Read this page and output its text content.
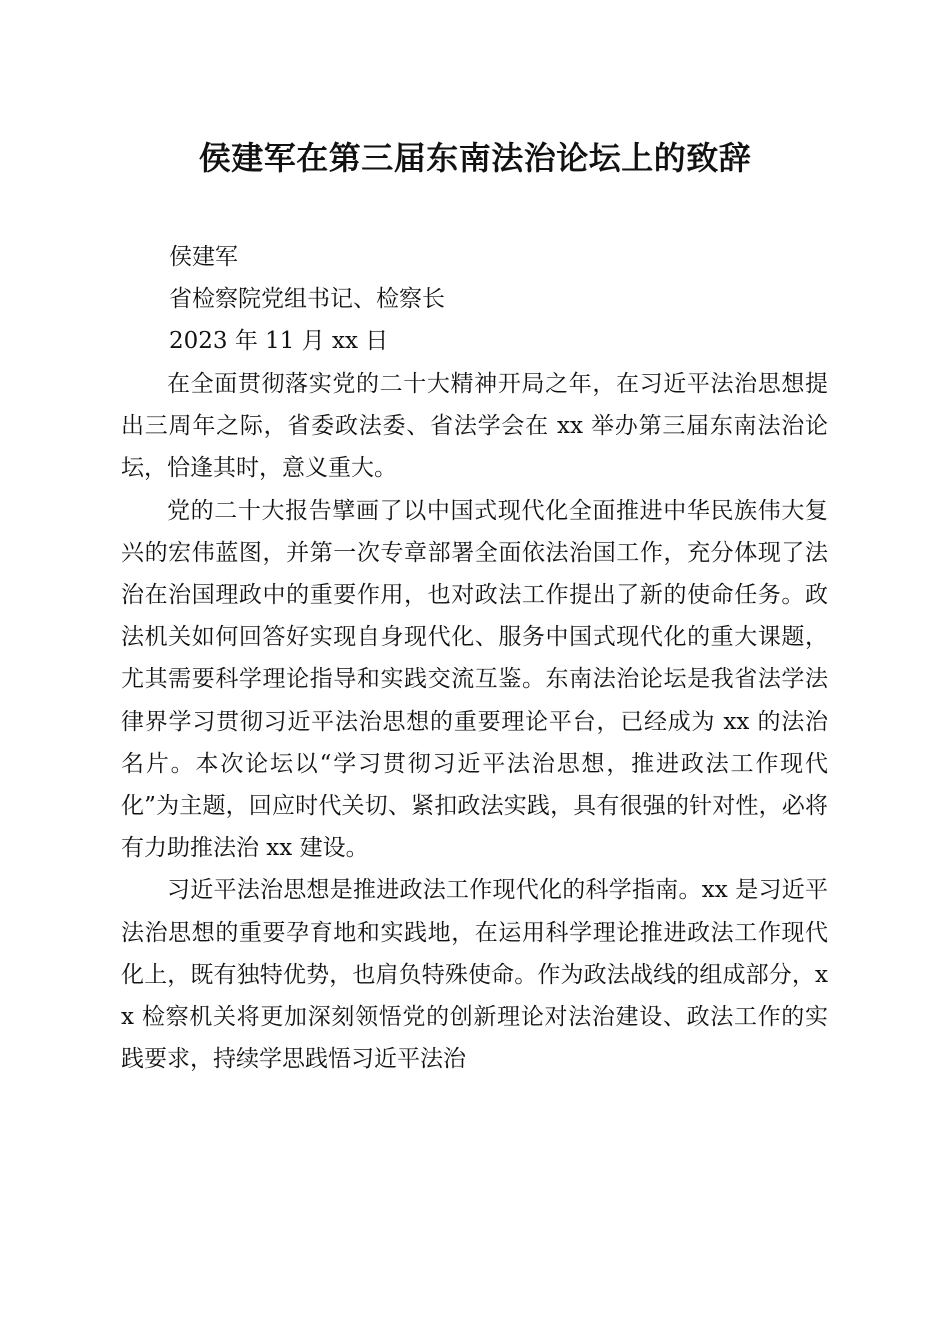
侯建军在第三届东南法治论坛上的致辞

侯建军

省检察院党组书记、检察长

2023 年 11 月 xx 日

在全面贯彻落实党的二十大精神开局之年，在习近平法治思想提出三周年之际，省委政法委、省法学会在 xx 举办第三届东南法治论坛，恰逢其时，意义重大。

党的二十大报告擘画了以中国式现代化全面推进中华民族伟大复兴的宏伟蓝图，并第一次专章部署全面依法治国工作，充分体现了法治在治国理政中的重要作用，也对政法工作提出了新的使命任务。政法机关如何回答好实现自身现代化、服务中国式现代化的重大课题，尤其需要科学理论指导和实践交流互鉴。东南法治论坛是我省法学法律界学习贯彻习近平法治思想的重要理论平台，已经成为 xx 的法治名片。本次论坛以“学习贯彻习近平法治思想，推进政法工作现代化”为主题，回应时代关切、紧扣政法实践，具有很强的针对性，必将有力助推法治 xx 建设。

习近平法治思想是推进政法工作现代化的科学指南。xx 是习近平法治思想的重要孕育地和实践地，在运用科学理论推进政法工作现代化上，既有独特优势，也肩负特殊使命。作为政法战线的组成部分，xx 检察机关将更加深刻领悟党的创新理论对法治建设、政法工作的实践要求，持续学思践悟习近平法治
